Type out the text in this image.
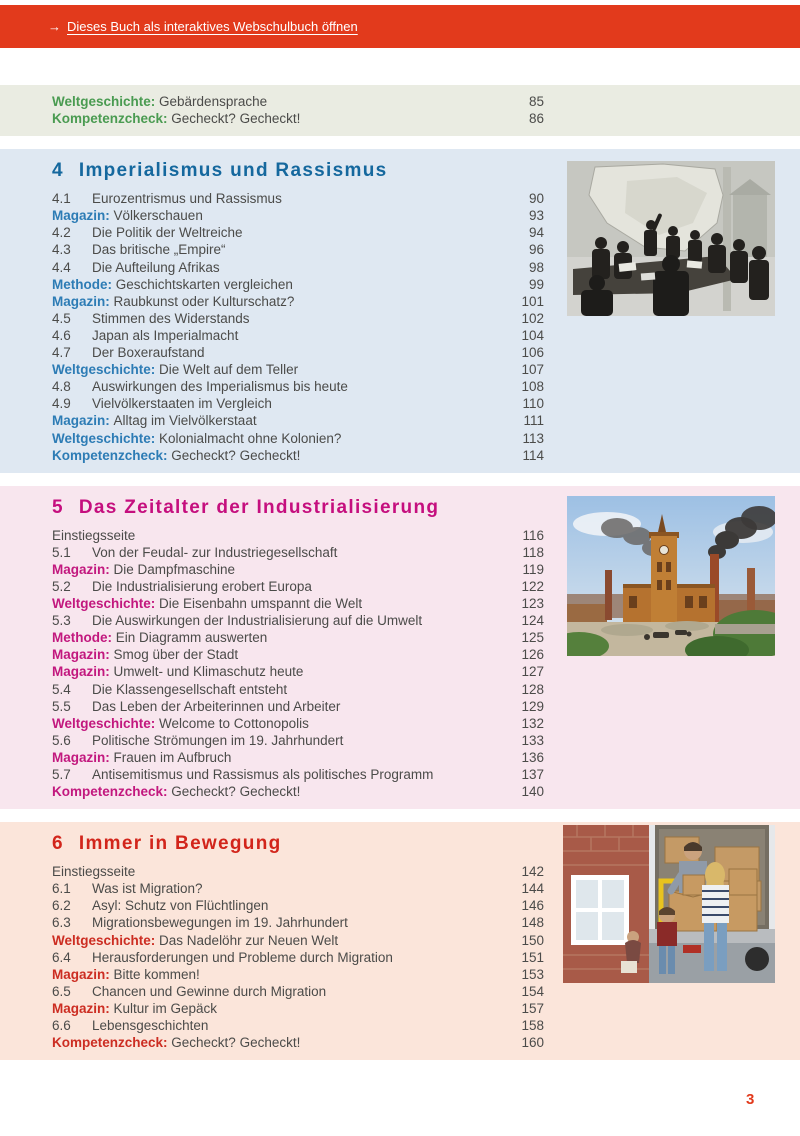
→ Dieses Buch als interaktives Webschulbuch öffnen
Weltgeschichte: Gebärdensprache	85
Kompetenzcheck: Gecheckt? Gecheckt!	86
4 Imperialismus und Rassismus
4.1 Eurozentrismus und Rassismus	90
Magazin: Völkerschauen	93
4.2 Die Politik der Weltreiche	94
4.3 Das britische „Empire“	96
4.4 Die Aufteilung Afrikas	98
Methode: Geschichtskarten vergleichen	99
Magazin: Raubkunst oder Kulturschatz?	101
4.5 Stimmen des Widerstands	102
4.6 Japan als Imperialmacht	104
4.7 Der Boxeraufstand	106
Weltgeschichte: Die Welt auf dem Teller	107
4.8 Auswirkungen des Imperialismus bis heute	108
4.9 Vielvölkerstaaten im Vergleich	110
Magazin: Alltag im Vielvölkerstaat	111
Weltgeschichte: Kolonialmacht ohne Kolonien?	113
Kompetenzcheck: Gecheckt? Gecheckt!	114
5 Das Zeitalter der Industrialisierung
Einstiegsseite	116
5.1 Von der Feudal- zur Industriegesellschaft	118
Magazin: Die Dampfmaschine	119
5.2 Die Industrialisierung erobert Europa	122
Weltgeschichte: Die Eisenbahn umspannt die Welt	123
5.3 Die Auswirkungen der Industrialisierung auf die Umwelt	124
Methode: Ein Diagramm auswerten	125
Magazin: Smog über der Stadt	126
Magazin: Umwelt- und Klimaschutz heute	127
5.4 Die Klassengesellschaft entsteht	128
5.5 Das Leben der Arbeiterinnen und Arbeiter	129
Weltgeschichte: Welcome to Cottonopolis	132
5.6 Politische Strömungen im 19. Jahrhundert	133
Magazin: Frauen im Aufbruch	136
5.7 Antisemitismus und Rassismus als politisches Programm	137
Kompetenzcheck: Gecheckt? Gecheckt!	140
6 Immer in Bewegung
Einstiegsseite	142
6.1 Was ist Migration?	144
6.2 Asyl: Schutz von Flüchtlingen	146
6.3 Migrationsbewegungen im 19. Jahrhundert	148
Weltgeschichte: Das Nadelöhr zur Neuen Welt	150
6.4 Herausforderungen und Probleme durch Migration	151
Magazin: Bitte kommen!	153
6.5 Chancen und Gewinne durch Migration	154
Magazin: Kultur im Gepäck	157
6.6 Lebensgeschichten	158
Kompetenzcheck: Gecheckt? Gecheckt!	160
3
